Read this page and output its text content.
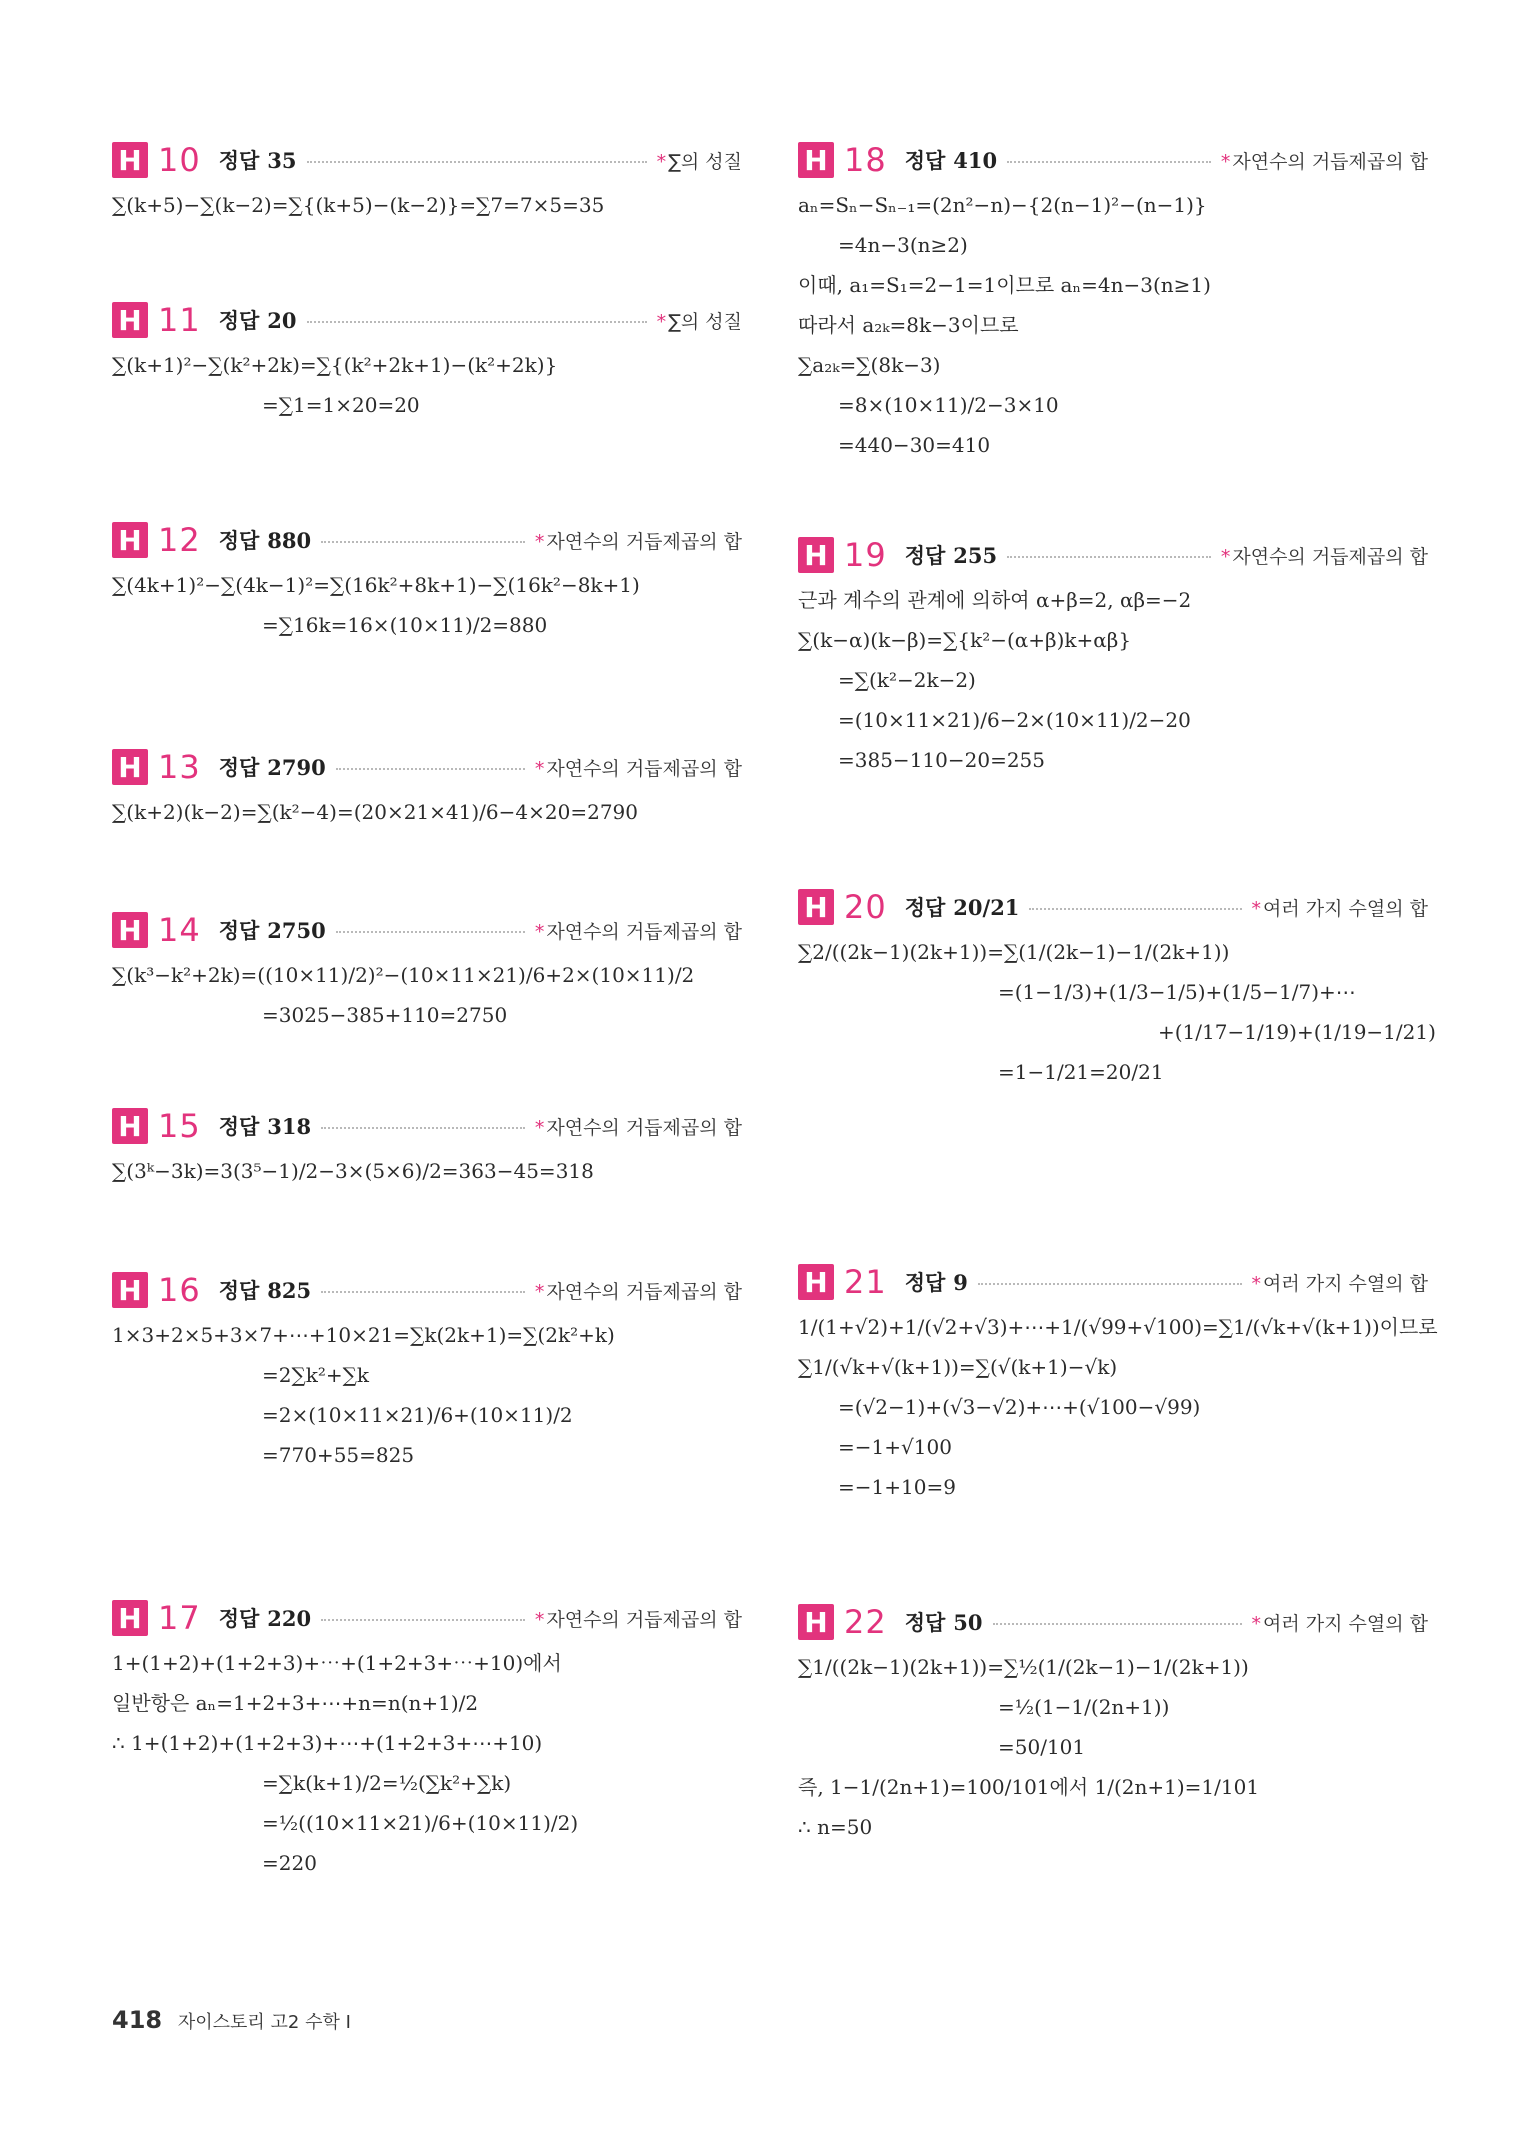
H 10 정답 35	* ∑의 성질
∑(k+5)−∑(k−2)=∑{(k+5)−(k−2)}=∑7=7×5=35
H 11 정답 20	* ∑의 성질
∑(k+1)²−∑(k²+2k)=∑{(k²+2k+1)−(k²+2k)}
=∑1=1×20=20
H 12 정답 880	* 자연수의 거듭제곱의 합
∑(4k+1)²−∑(4k−1)²=∑(16k²+8k+1)−∑(16k²−8k+1)
=∑16k=16×(10×11)/2=880
H 13 정답 2790	* 자연수의 거듭제곱의 합
∑(k+2)(k−2)=∑(k²−4)=(20×21×41)/6−4×20=2790
H 14 정답 2750	* 자연수의 거듭제곱의 합
∑(k³−k²+2k)=((10×11)/2)²−(10×11×21)/6+2×(10×11)/2
=3025−385+110=2750
H 15 정답 318	* 자연수의 거듭제곱의 합
∑(3ᵏ−3k)=3(3⁵−1)/2−3×(5×6)/2=363−45=318
H 16 정답 825	* 자연수의 거듭제곱의 합
1×3+2×5+3×7+⋯+10×21=∑k(2k+1)=∑(2k²+k)
=2∑k²+∑k
=2×(10×11×21)/6+(10×11)/2
=770+55=825
H 17 정답 220	* 자연수의 거듭제곱의 합
1+(1+2)+(1+2+3)+⋯+(1+2+3+⋯+10)에서
일반항은 aₙ=1+2+3+⋯+n=n(n+1)/2
∴ 1+(1+2)+(1+2+3)+⋯+(1+2+3+⋯+10)
=∑k(k+1)/2=½(∑k²+∑k)
=½((10×11×21)/6+(10×11)/2)
=220
H 18 정답 410	* 자연수의 거듭제곱의 합
aₙ=Sₙ−Sₙ₋₁=(2n²−n)−{2(n−1)²−(n−1)}
=4n−3(n≥2)
이때, a₁=S₁=2−1=1이므로 aₙ=4n−3(n≥1)
따라서 a₂ₖ=8k−3이므로
∑a₂ₖ=∑(8k−3)
=8×(10×11)/2−3×10
=440−30=410
H 19 정답 255	* 자연수의 거듭제곱의 합
근과 계수의 관계에 의하여 α+β=2, αβ=−2
∑(k−α)(k−β)=∑{k²−(α+β)k+αβ}
=∑(k²−2k−2)
=(10×11×21)/6−2×(10×11)/2−20
=385−110−20=255
H 20 정답 20/21	* 여러 가지 수열의 합
∑2/((2k−1)(2k+1))=∑(1/(2k−1)−1/(2k+1))
=(1−1/3)+(1/3−1/5)+(1/5−1/7)+⋯
+(1/17−1/19)+(1/19−1/21)
=1−1/21=20/21
H 21 정답 9	* 여러 가지 수열의 합
1/(1+√2)+1/(√2+√3)+⋯+1/(√99+√100)=∑1/(√k+√(k+1))이므로
∑1/(√k+√(k+1))=∑(√(k+1)−√k)
=(√2−1)+(√3−√2)+⋯+(√100−√99)
=−1+√100
=−1+10=9
H 22 정답 50	* 여러 가지 수열의 합
∑1/((2k−1)(2k+1))=∑½(1/(2k−1)−1/(2k+1))
=½(1−1/(2n+1))
=50/101
즉, 1−1/(2n+1)=100/101에서 1/(2n+1)=1/101
∴ n=50
418 자이스토리 고2 수학 I
